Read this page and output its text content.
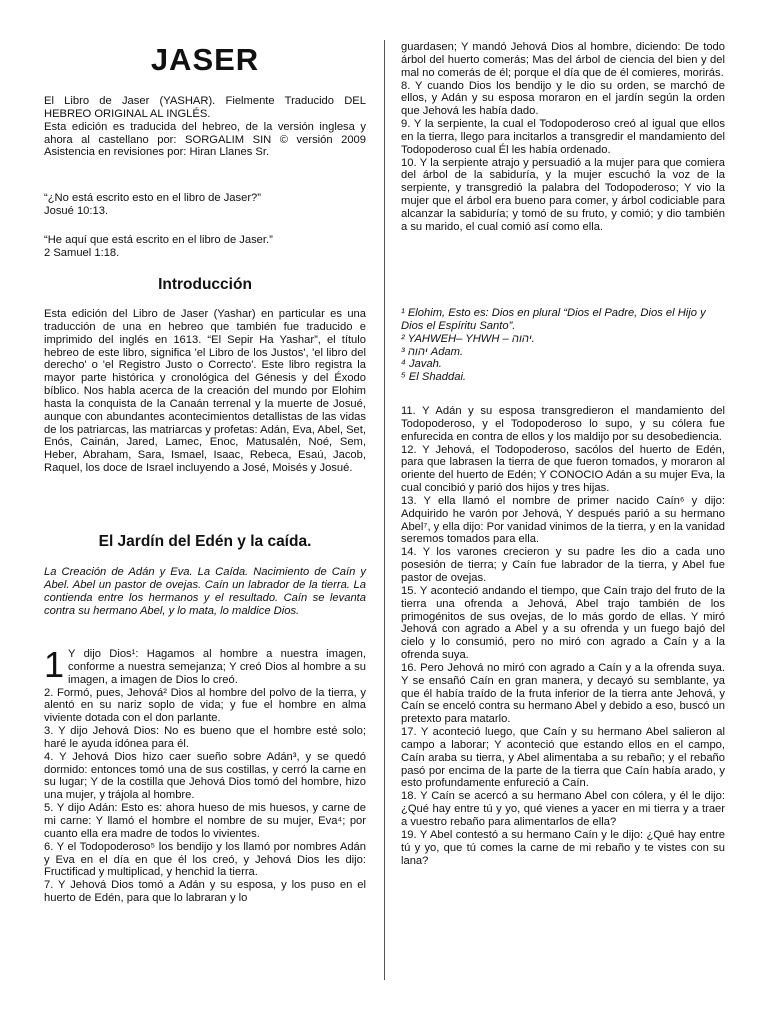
JASER

El Libro de Jaser (YASHAR). Fielmente Traducido DEL HEBREO ORIGINAL AL INGLÉS.

Esta edición es traducida del hebreo, de la versión inglesa y ahora al castellano por: SORGALIM SIN © versión 2009 Asistencia en revisiones por: Hiran Llanes Sr.

“¿No está escrito esto en el libro de Jaser?”

Josué 10:13.

“He aquí que está escrito en el libro de Jaser.”

2 Samuel 1:18.

Introducción

Esta edición del Libro de Jaser (Yashar) en particular es una traducción de una en hebreo que también fue traducido e imprimido del inglés en 1613. “El Sepir Ha Yashar”, el título hebreo de este libro, significa 'el Libro de los Justos', 'el libro del derecho' o 'el Registro Justo o Correcto'. Este libro registra la mayor parte histórica y cronológica del Génesis y del Éxodo bíblico. Nos habla acerca de la creación del mundo por Elohim hasta la conquista de la Canaán terrenal y la muerte de Josué, aunque con abundantes acontecimientos detallistas de las vidas de los patriarcas, las matriarcas y profetas: Adán, Eva, Abel, Set, Enós, Cainán, Jared, Lamec, Enoc, Matusalén, Noé, Sem, Heber, Abraham, Sara, Ismael, Isaac, Rebeca, Esaú, Jacob, Raquel, los doce de Israel incluyendo a José, Moisés y Josué.

El Jardín del Edén y la caída.

La Creación de Adán y Eva. La Caída. Nacimiento de Caín y Abel. Abel un pastor de ovejas. Caín un labrador de la tierra. La contienda entre los hermanos y el resultado. Caín se levanta contra su hermano Abel, y lo mata, lo maldice Dios.

1 Y dijo Dios¹: Hagamos al hombre a nuestra imagen, conforme a nuestra semejanza; Y creó Dios al hombre a su imagen, a imagen de Dios lo creó.

2. Formó, pues, Jehová² Dios al hombre del polvo de la tierra, y alentó en su nariz soplo de vida; y fue el hombre en alma viviente dotada con el don parlante.

3. Y dijo Jehová Dios: No es bueno que el hombre esté solo; haré le ayuda idónea para él.

4. Y Jehová Dios hizo caer sueño sobre Adán³, y se quedó dormido: entonces tomó una de sus costillas, y cerró la carne en su lugar; Y de la costilla que Jehová Dios tomó del hombre, hizo una mujer, y trájola al hombre.

5. Y dijo Adán: Esto es: ahora hueso de mis huesos, y carne de mi carne: Y llamó el hombre el nombre de su mujer, Eva⁴; por cuanto ella era madre de todos lo vivientes.

6. Y el Todopoderoso⁵ los bendijo y los llamó por nombres Adán y Eva en el día en que él los creó, y Jehová Dios les dijo: Fructificad y multiplicad, y henchid la tierra.

7. Y Jehová Dios tomó a Adán y su esposa, y los puso en el huerto de Edén, para que lo labraran y lo

guardasen; Y mandó Jehová Dios al hombre, diciendo: De todo árbol del huerto comerás; Mas del árbol de ciencia del bien y del mal no comerás de él; porque el día que de él comieres, morirás.

8. Y cuando Dios los bendijo y le dio su orden, se marchó de ellos, y Adán y su esposa moraron en el jardín según la orden que Jehová les había dado.

9. Y la serpiente, la cual el Todopoderoso creó al igual que ellos en la tierra, llego para incitarlos a transgredir el mandamiento del Todopoderoso cual Él les había ordenado.

10. Y la serpiente atrajo y persuadió a la mujer para que comiera del árbol de la sabiduría, y la mujer escuchó la voz de la serpiente, y transgredió la palabra del Todopoderoso; Y vio la mujer que el árbol era bueno para comer, y árbol codiciable para alcanzar la sabiduría; y tomó de su fruto, y comió; y dio también a su marido, el cual comió así como ella.

¹ Elohim, Esto es: Dios en plural “Dios el Padre, Dios el Hijo y Dios el Espíritu Santo”.

² YAHWEH– YHWH – יהוה.

³ יהוה Adam.

⁴ Javah.

⁵ El Shaddai.

11. Y Adán y su esposa transgredieron el mandamiento del Todopoderoso, y el Todopoderoso lo supo, y su cólera fue enfurecida en contra de ellos y los maldijo por su desobediencia.

12. Y Jehová, el Todopoderoso, sacólos del huerto de Edén, para que labrasen la tierra de que fueron tomados, y moraron al oriente del huerto de Edén; Y CONOCIO Adán a su mujer Eva, la cual concibió y parió dos hijos y tres hijas.

13. Y ella llamó el nombre de primer nacido Caín⁶ y dijo: Adquirido he varón por Jehová, Y después parió a su hermano Abel⁷, y ella dijo: Por vanidad vinimos de la tierra, y en la vanidad seremos tomados para ella.

14. Y los varones crecieron y su padre les dio a cada uno posesión de tierra; y Caín fue labrador de la tierra, y Abel fue pastor de ovejas.

15. Y aconteció andando el tiempo, que Caín trajo del fruto de la tierra una ofrenda a Jehová, Abel trajo también de los primogénitos de sus ovejas, de lo más gordo de ellas. Y miró Jehová con agrado a Abel y a su ofrenda y un fuego bajó del cielo y lo consumió, pero no miró con agrado a Caín y a la ofrenda suya.

16. Pero Jehová no miró con agrado a Caín y a la ofrenda suya. Y se ensañó Caín en gran manera, y decayó su semblante, ya que él había traído de la fruta inferior de la tierra ante Jehová, y Caín se enceló contra su hermano Abel y debido a eso, buscó un pretexto para matarlo.

17. Y aconteció luego, que Caín y su hermano Abel salieron al campo a laborar; Y aconteció que estando ellos en el campo, Caín araba su tierra, y Abel alimentaba a su rebaño; y el rebaño pasó por encima de la parte de la tierra que Caín había arado, y esto profundamente enfureció a Caín.

18. Y Caín se acercó a su hermano Abel con cólera, y él le dijo: ¿Qué hay entre tú y yo, qué vienes a yacer en mi tierra y a traer a vuestro rebaño para alimentarlos de ella?

19. Y Abel contestó a su hermano Caín y le dijo: ¿Qué hay entre tú y yo, que tú comes la carne de mi rebaño y te vistes con su lana?
